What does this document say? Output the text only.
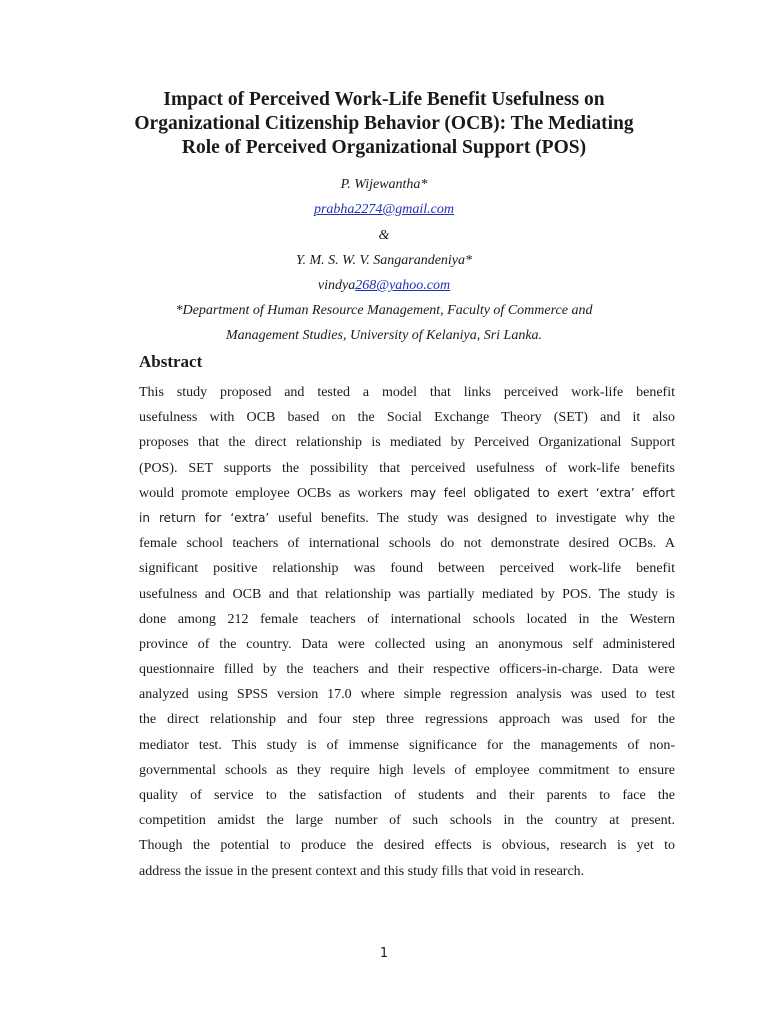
Impact of Perceived Work-Life Benefit Usefulness on
Organizational Citizenship Behavior (OCB): The Mediating
Role of Perceived Organizational Support (POS)

P. Wijewantha*

prabha2274@gmail.com

&

Y. M. S. W. V. Sangarandeniya*

vindya268@yahoo.com

*Department of Human Resource Management, Faculty of Commerce and

Management Studies, University of Kelaniya, Sri Lanka.

Abstract
This study proposed and tested a model that links perceived work-life benefit
usefulness with OCB based on the Social Exchange Theory (SET) and it also
proposes that the direct relationship is mediated by Perceived Organizational Support
(POS). SET supports the possibility that perceived usefulness of work-life benefits
would promote employee OCBs as workers may feel obligated to exert ‘extra’ effort
in return for ‘extra’ useful benefits. The study was designed to investigate why the
female school teachers of international schools do not demonstrate desired OCBs. A
significant positive relationship was found between perceived work-life benefit
usefulness and OCB and that relationship was partially mediated by POS. The study is
done among 212 female teachers of international schools located in the Western
province of the country. Data were collected using an anonymous self administered
questionnaire filled by the teachers and their respective officers-in-charge. Data were
analyzed using SPSS version 17.0 where simple regression analysis was used to test
the direct relationship and four step three regressions approach was used for the
mediator test. This study is of immense significance for the managements of non-
governmental schools as they require high levels of employee commitment to ensure
quality of service to the satisfaction of students and their parents to face the
competition amidst the large number of such schools in the country at present.
Though the potential to produce the desired effects is obvious, research is yet to
address the issue in the present context and this study fills that void in research.

1
